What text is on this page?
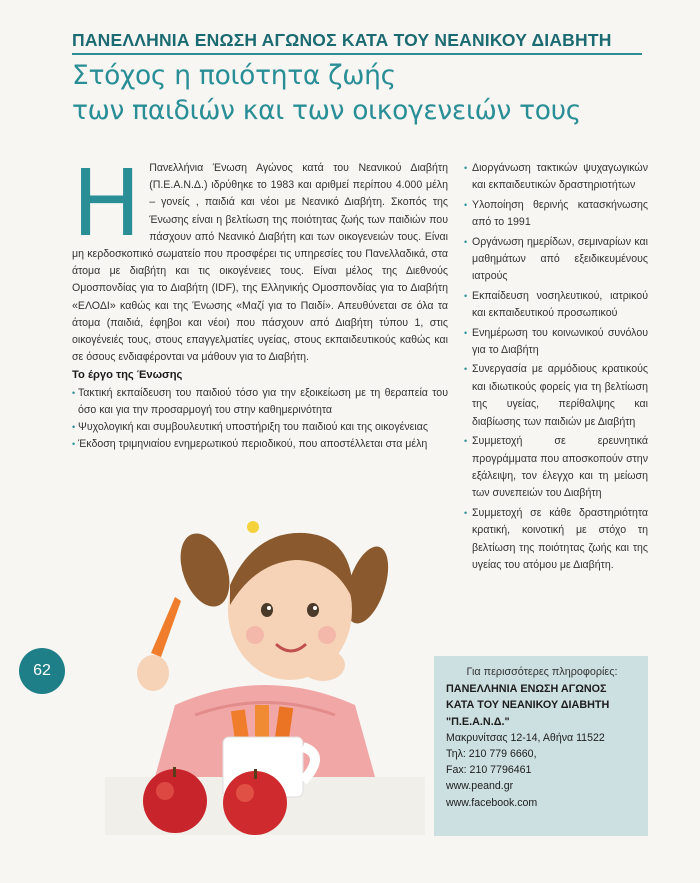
ΠΑΝΕΛΛΗΝΙΑ ΕΝΩΣΗ ΑΓΩΝΟΣ ΚΑΤΑ ΤΟΥ ΝΕΑΝΙΚΟΥ ΔΙΑΒΗΤΗ
Στόχος η ποιότητα ζωής
των παιδιών και των οικογενειών τους
Η Πανελλήνια Ένωση Αγώνος κατά του Νεανικού Διαβήτη (Π.Ε.Α.Ν.Δ.) ιδρύθηκε το 1983 και αριθμεί περίπου 4.000 μέλη – γονείς , παιδιά και νέοι με Νεανικό Διαβήτη. Σκοπός της Ένωσης είναι η βελτίωση της ποιότητας ζωής των παιδιών που πάσχουν από Νεανικό Διαβήτη και των οικογενειών τους. Είναι μη κερδοσκοπικό σωματείο που προσφέρει τις υπηρεσίες του Πανελλαδικά, στα άτομα με διαβήτη και τις οικογένειες τους. Είναι μέλος της Διεθνούς Ομοσπονδίας για το Διαβήτη (IDF), της Ελληνικής Ομοσπονδίας για το Διαβήτη «ΕΛΟΔΙ» καθώς και της Ένωσης «Μαζί για το Παιδί». Απευθύνεται σε όλα τα άτομα (παιδιά, έφηβοι και νέοι) που πάσχουν από Διαβήτη τύπου 1, στις οικογένειές τους, στους επαγγελματίες υγείας, στους εκπαιδευτικούς καθώς και σε όσους ενδιαφέρονται να μάθουν για το Διαβήτη.

Το έργο της Ένωσης
• Τακτική εκπαίδευση του παιδιού τόσο για την εξοικείωση με τη θεραπεία του όσο και για την προσαρμογή του στην καθημερινότητα
• Ψυχολογική και συμβουλευτική υποστήριξη του παιδιού και της οικογένειας
• Έκδοση τριμηνιαίου ενημερωτικού περιοδικού, που αποστέλλεται στα μέλη
• Διοργάνωση τακτικών ψυχαγωγικών και εκπαιδευτικών δραστηριοτήτων
• Υλοποίηση θερινής κατασκήνωσης από το 1991
• Οργάνωση ημερίδων, σεμιναρίων και μαθημάτων από εξειδικευμένους ιατρούς
• Εκπαίδευση νοσηλευτικού, ιατρικού και εκπαιδευτικού προσωπικού
• Ενημέρωση του κοινωνικού συνόλου για το Διαβήτη
• Συνεργασία με αρμόδιους κρατικούς και ιδιωτικούς φορείς για τη βελτίωση της υγείας, περίθαλψης και διαβίωσης των παιδιών με Διαβήτη
• Συμμετοχή σε ερευνητικά προγράμματα που αποσκοπούν στην εξάλειψη, τον έλεγχο και τη μείωση των συνεπειών του Διαβήτη
• Συμμετοχή σε κάθε δραστηριότητα κρατική, κοινοτική με στόχο τη βελτίωση της ποιότητας ζωής και της υγείας του ατόμου με Διαβήτη.
62	Για περισσότερες πληροφορίες:
ΠΑΝΕΛΛΗΝΙΑ ΕΝΩΣΗ ΑΓΩΝΟΣ
ΚΑΤΑ ΤΟΥ ΝΕΑΝΙΚΟΥ ΔΙΑΒΗΤΗ
"Π.Ε.Α.Ν.Δ."
Μακρυνίτσας 12-14, Αθήνα 11522
Τηλ: 210 779 6660,
Fax: 210 7796461
www.peand.gr
www.facebook.com
